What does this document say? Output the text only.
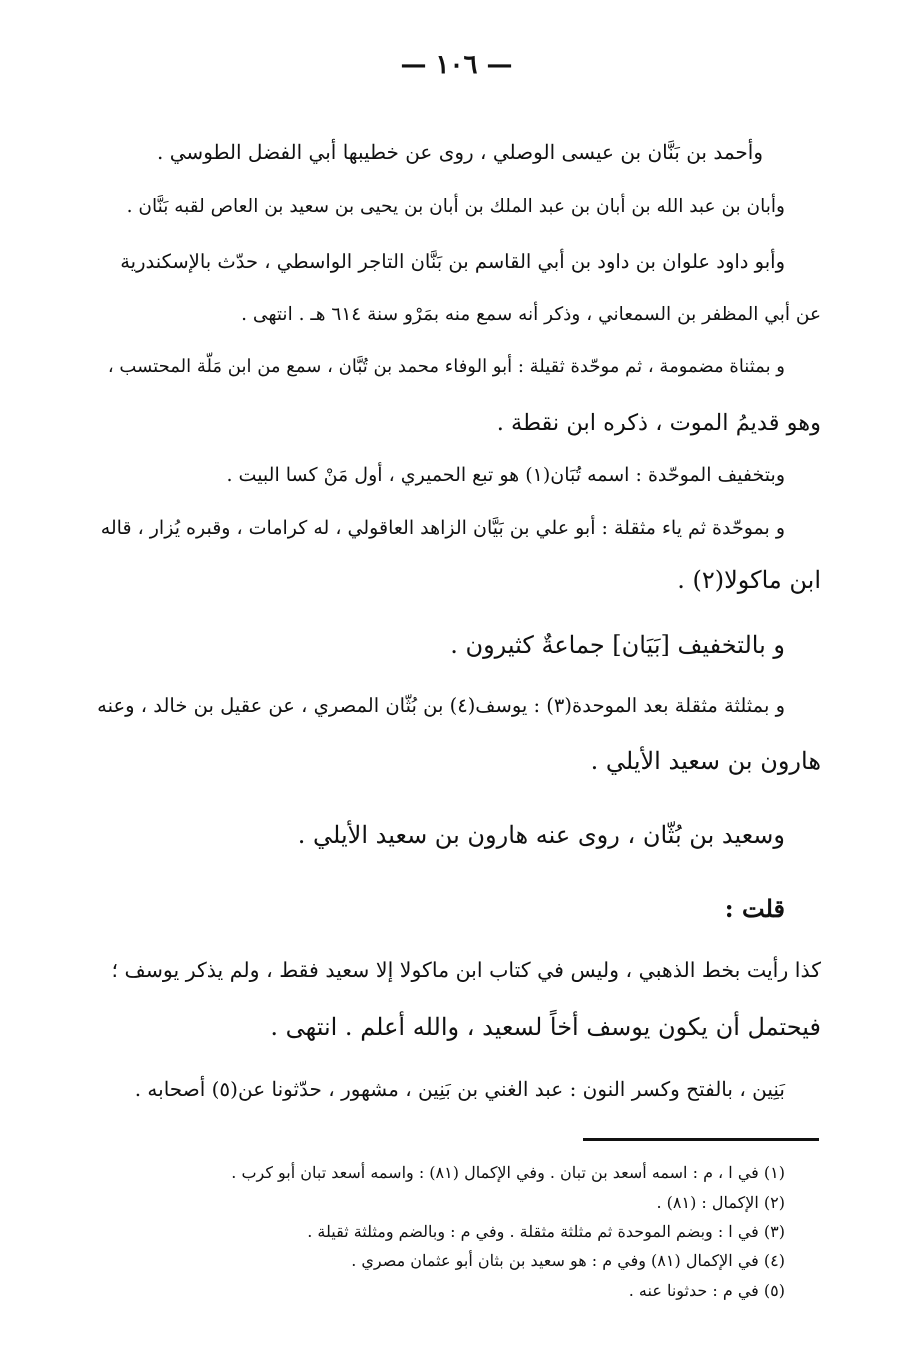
— ١٠٦ —
وأحمد بن بَنَّان بن عيسى الوصلي ، روى عن خطيبها أبي الفضل الطوسي .
وأبان بن عبد الله بن أبان بن عبد الملك بن أبان بن يحيى بن سعيد بن العاص لقبه بَنَّان .
وأبو داود علوان بن داود بن أبي القاسم بن بَنَّان التاجر الواسطي ، حدّث بالإسكندرية
عن أبي المظفر بن السمعاني ، وذكر أنه سمع منه بمَرْو سنة ٦١٤ هـ . انتهى .
و بمثناة مضمومة ، ثم موحّدة ثقيلة : أبو الوفاء محمد بن تُبَّان ، سمع من ابن مَلّة المحتسب ،
وهو قديمُ الموت ، ذكره ابن نقطة .
وبتخفيف الموحّدة : اسمه تُبَان(١) هو تبع الحميري ، أول مَنْ كسا البيت .
و بموحّدة ثم ياء مثقلة : أبو علي بن بَيَّان الزاهد العاقولي ، له كرامات ، وقبره يُزار ، قاله
ابن ماكولا(٢) .
و بالتخفيف [بَيَان] جماعةٌ كثيرون .
و بمثلثة مثقلة بعد الموحدة(٣) : يوسف(٤) بن بُثّان المصري ، عن عقيل بن خالد ، وعنه
هارون بن سعيد الأيلي .
وسعيد بن بُثّان ، روى عنه هارون بن سعيد الأيلي .
قلت :
كذا رأيت بخط الذهبي ، وليس في كتاب ابن ماكولا إلا سعيد فقط ، ولم يذكر يوسف ؛
فيحتمل أن يكون يوسف أخاً لسعيد ، والله أعلم . انتهى .
بَنِين ، بالفتح وكسر النون : عبد الغني بن بَنِين ، مشهور ، حدّثونا عن(٥) أصحابه .
(١) في ا ، م : اسمه أسعد بن تبان . وفي الإكمال (٨١) : واسمه أسعد تبان أبو كرب .
(٢) الإكمال : (٨١) .
(٣) في ا : وبضم الموحدة ثم مثلثة مثقلة . وفي م : وبالضم ومثلثة ثقيلة .
(٤) في الإكمال (٨١) وفي م : هو سعيد بن بثان أبو عثمان مصري .
(٥) في م : حدثونا عنه .
